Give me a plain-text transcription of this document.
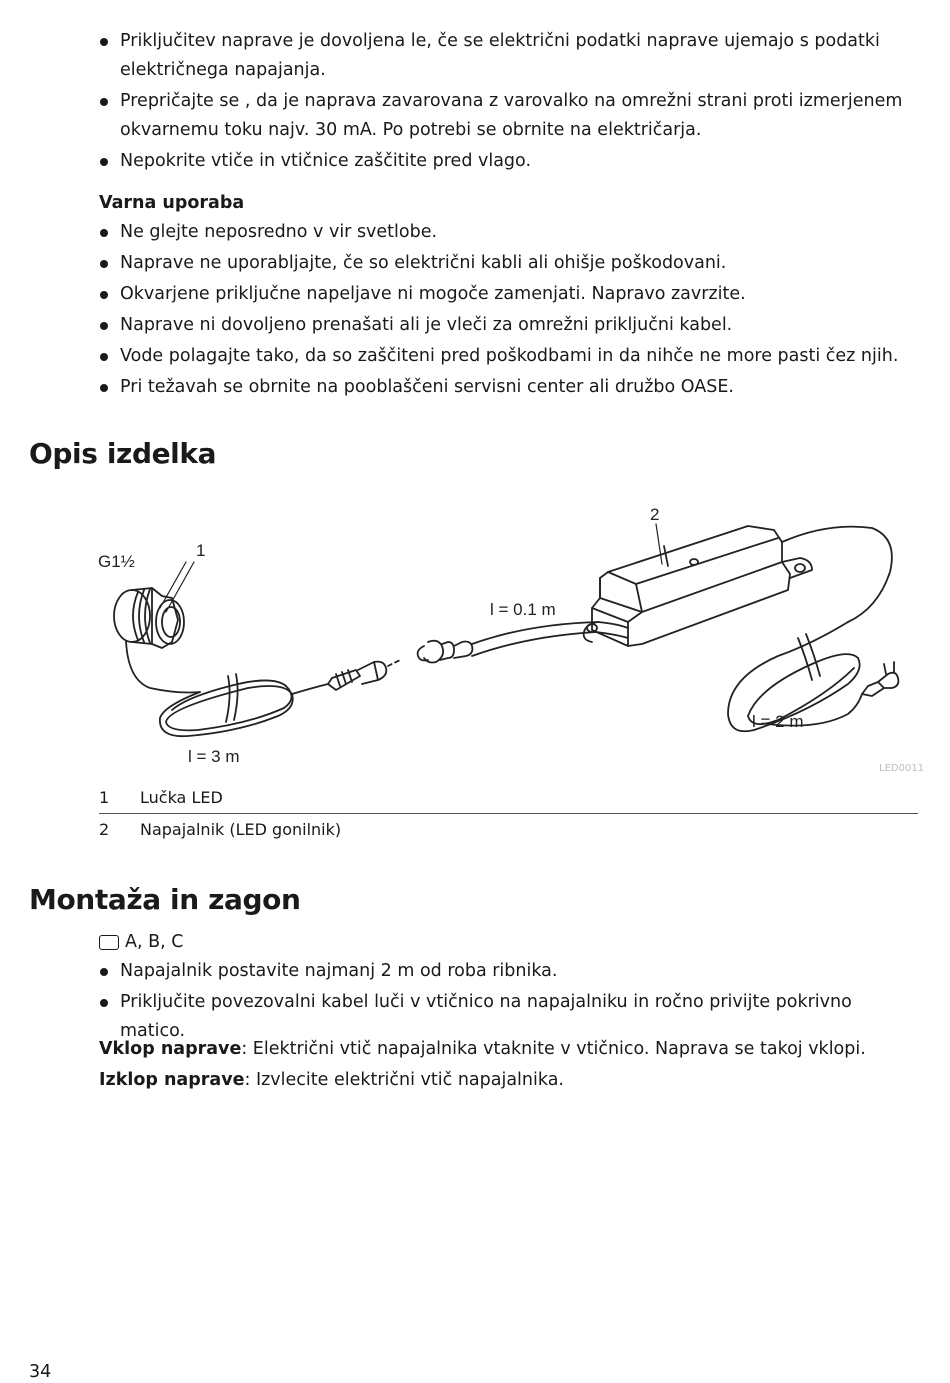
Priključitev naprave je dovoljena le, če se električni podatki naprave ujemajo s podatki električnega napajanja.
Prepričajte se , da je naprava zavarovana z varovalko na omrežni strani proti izmerjenem okvarnemu toku najv. 30 mA. Po potrebi se obrnite na električarja.
Nepokrite vtiče in vtičnice zaščitite pred vlago.
Varna uporaba
Ne glejte neposredno v vir svetlobe.
Naprave ne uporabljajte, če so električni kabli ali ohišje poškodovani.
Okvarjene priključne napeljave ni mogoče zamenjati. Napravo zavrzite.
Naprave ni dovoljeno prenašati ali je vleči za omrežni priključni kabel.
Vode polagajte tako, da so zaščiteni pred poškodbami in da nihče ne more pasti čez njih.
Pri težavah se obrnite na pooblaščeni servisni center ali družbo OASE.
Opis izdelka
G1½
1
2
l = 3 m
l = 0.1 m
l = 2 m
LED0011
1	Lučka LED
2	Napajalnik (LED gonilnik)
Montaža in zagon
A, B, C
Napajalnik postavite najmanj 2 m od roba ribnika.
Priključite povezovalni kabel luči v vtičnico na napajalniku in ročno privijte pokrivno matico.
Vklop naprave: Električni vtič napajalnika vtaknite v vtičnico. Naprava se takoj vklopi.
Izklop naprave: Izvlecite električni vtič napajalnika.
34
